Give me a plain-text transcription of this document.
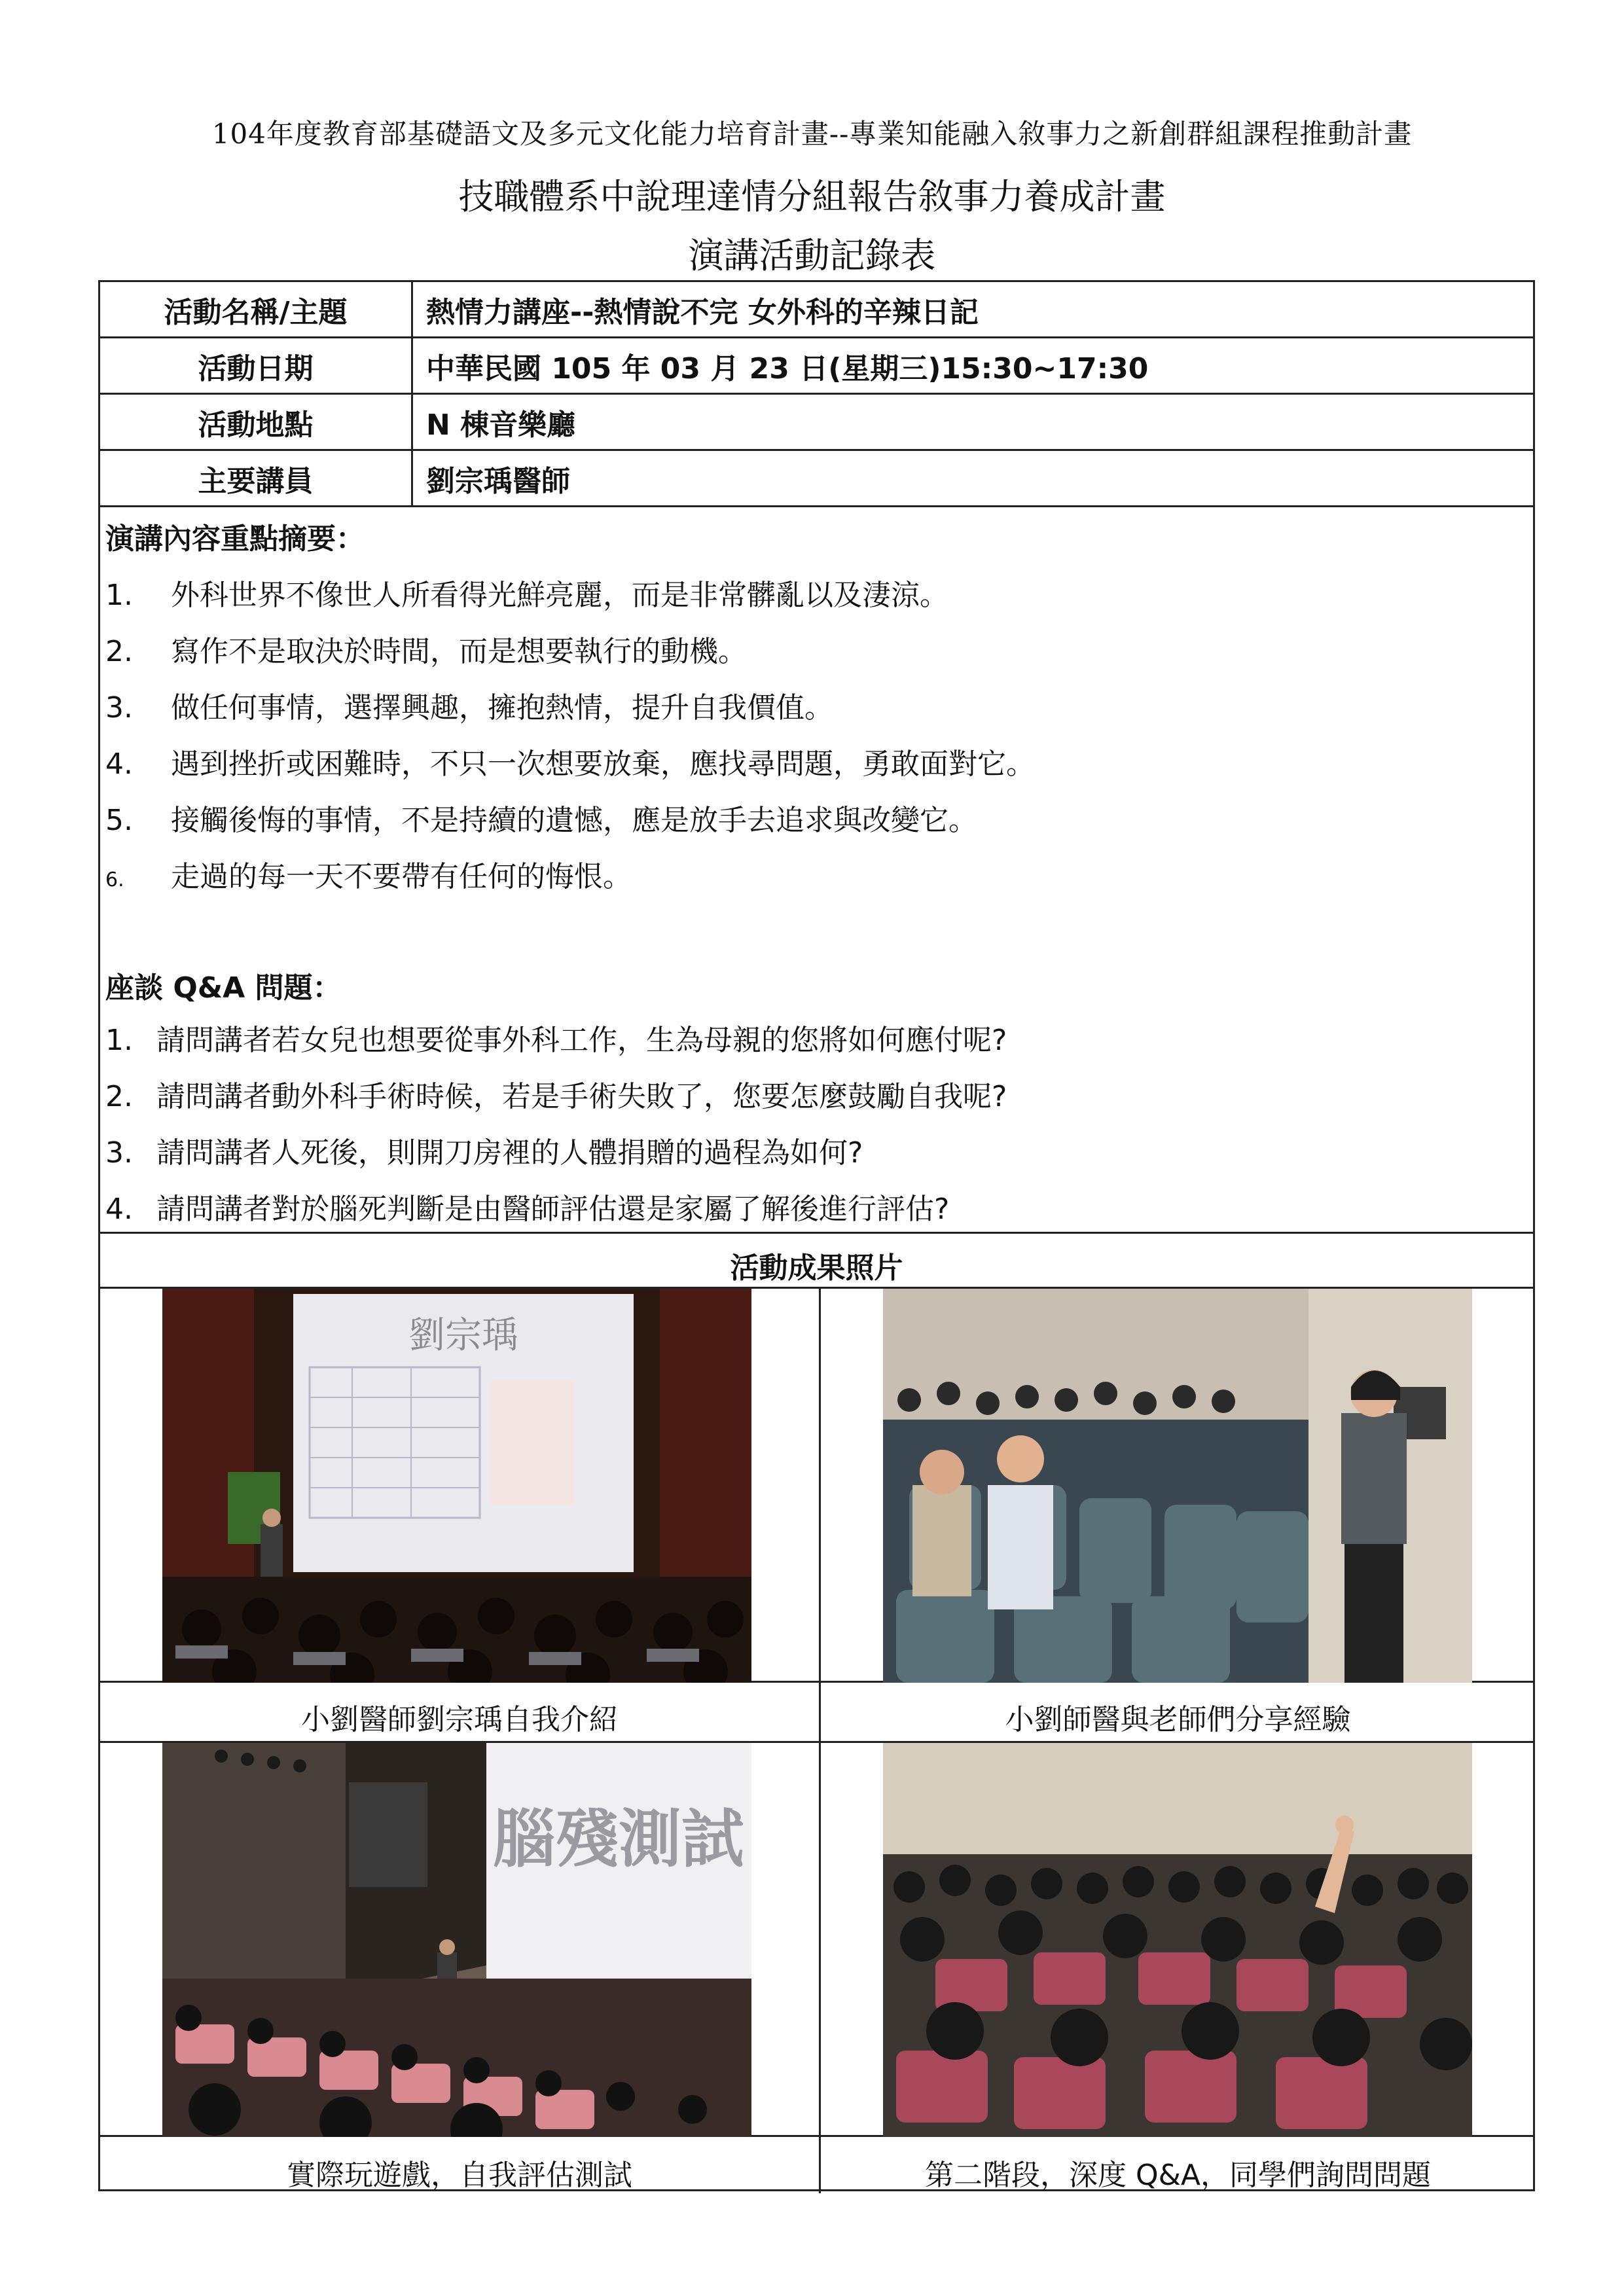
104年度教育部基礎語文及多元文化能力培育計畫--專業知能融入敘事力之新創群組課程推動計畫
技職體系中說理達情分組報告敘事力養成計畫
演講活動記錄表
活動名稱/主題	熱情力講座--熱情說不完 女外科的辛辣日記
活動日期	中華民國 105 年 03 月 23 日(星期三)15:30~17:30
活動地點	N 棟音樂廳
主要講員	劉宗瑀醫師
演講內容重點摘要：
1. 外科世界不像世人所看得光鮮亮麗，而是非常髒亂以及淒涼。
2. 寫作不是取決於時間，而是想要執行的動機。
3. 做任何事情，選擇興趣，擁抱熱情，提升自我價值。
4. 遇到挫折或困難時，不只一次想要放棄，應找尋問題，勇敢面對它。
5. 接觸後悔的事情，不是持續的遺憾，應是放手去追求與改變它。
6. 走過的每一天不要帶有任何的悔恨。
座談 Q&A 問題：
1. 請問講者若女兒也想要從事外科工作，生為母親的您將如何應付呢?
2. 請問講者動外科手術時候，若是手術失敗了，您要怎麼鼓勵自我呢?
3. 請問講者人死後，則開刀房裡的人體捐贈的過程為如何?
4. 請問講者對於腦死判斷是由醫師評估還是家屬了解後進行評估?
活動成果照片
劉宗瑀
腦殘測試
小劉醫師劉宗瑀自我介紹	小劉師醫與老師們分享經驗
實際玩遊戲，自我評估測試	第二階段，深度 Q&A，同學們詢問問題
